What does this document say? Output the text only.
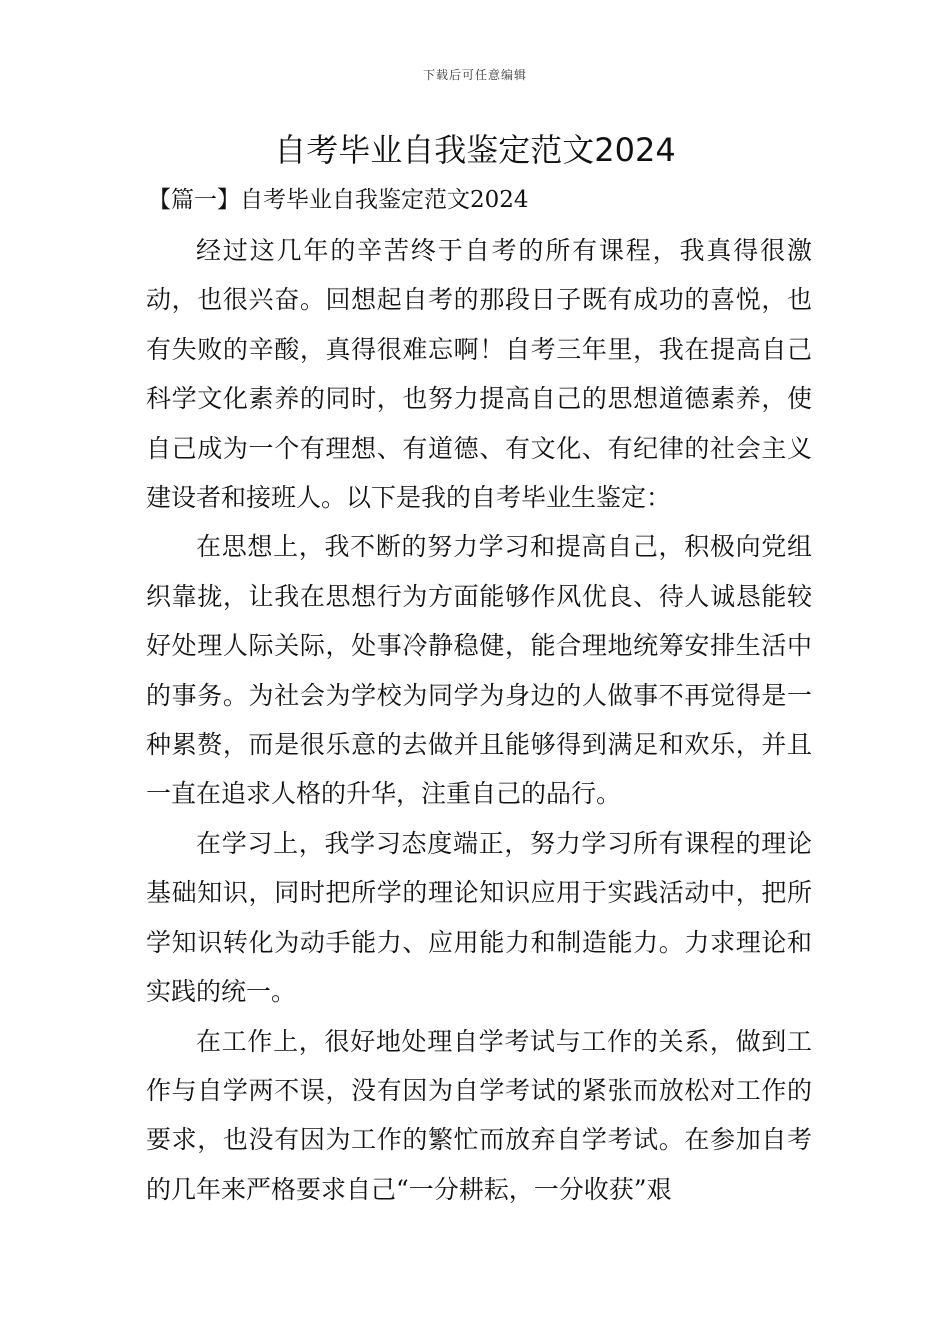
下载后可任意编辑
自考毕业自我鉴定范文2024
【篇一】自考毕业自我鉴定范文2024

经过这几年的辛苦终于自考的所有课程，我真得很激动，也很兴奋。回想起自考的那段日子既有成功的喜悦，也有失败的辛酸，真得很难忘啊！自考三年里，我在提高自己科学文化素养的同时，也努力提高自己的思想道德素养，使自己成为一个有理想、有道德、有文化、有纪律的社会主义建设者和接班人。以下是我的自考毕业生鉴定：

在思想上，我不断的努力学习和提高自己，积极向党组织靠拢，让我在思想行为方面能够作风优良、待人诚恳能较好处理人际关际，处事冷静稳健，能合理地统筹安排生活中的事务。为社会为学校为同学为身边的人做事不再觉得是一种累赘，而是很乐意的去做并且能够得到满足和欢乐，并且一直在追求人格的升华，注重自己的品行。

在学习上，我学习态度端正，努力学习所有课程的理论基础知识，同时把所学的理论知识应用于实践活动中，把所学知识转化为动手能力、应用能力和制造能力。力求理论和实践的统一。

在工作上，很好地处理自学考试与工作的关系，做到工作与自学两不误，没有因为自学考试的紧张而放松对工作的要求，也没有因为工作的繁忙而放弃自学考试。在参加自考的几年来严格要求自己“一分耕耘，一分收获”艰
